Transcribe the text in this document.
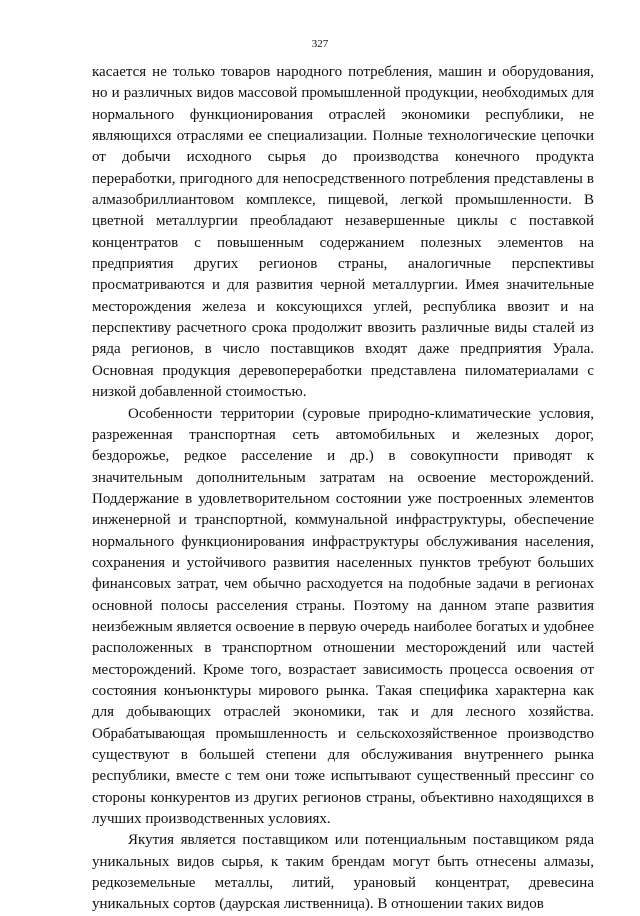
327

касается не только товаров народного потребления, машин и оборудования, но и различных видов массовой промышленной продукции, необходимых для нормального функционирования отраслей экономики республики, не являющихся отраслями ее специализации. Полные технологические цепочки от добычи исходного сырья до производства конечного продукта переработки, пригодного для непосредственного потребления представлены в алмазобриллиантовом комплексе, пищевой, легкой промышленности. В цветной металлургии преобладают незавершенные циклы с поставкой концентратов с повышенным содержанием полезных элементов на предприятия других регионов страны, аналогичные перспективы просматриваются и для развития черной металлургии. Имея значительные месторождения железа и коксующихся углей, республика ввозит и на перспективу расчетного срока продолжит ввозить различные виды сталей из ряда регионов, в число поставщиков входят даже предприятия Урала. Основная продукция деревопереработки представлена пиломатериалами с низкой добавленной стоимостью.

Особенности территории (суровые природно-климатические условия, разреженная транспортная сеть автомобильных и железных дорог, бездорожье, редкое расселение и др.) в совокупности приводят к значительным дополнительным затратам на освоение месторождений. Поддержание в удовлетворительном состоянии уже построенных элементов инженерной и транспортной, коммунальной инфраструктуры, обеспечение нормального функционирования инфраструктуры обслуживания населения, сохранения и устойчивого развития населенных пунктов требуют больших финансовых затрат, чем обычно расходуется на подобные задачи в регионах основной полосы расселения страны. Поэтому на данном этапе развития неизбежным является освоение в первую очередь наиболее богатых и удобнее расположенных в транспортном отношении месторождений или частей месторождений. Кроме того, возрастает зависимость процесса освоения от состояния конъюнктуры мирового рынка. Такая специфика характерна как для добывающих отраслей экономики, так и для лесного хозяйства. Обрабатывающая промышленность и сельскохозяйственное производство существуют в большей степени для обслуживания внутреннего рынка республики, вместе с тем они тоже испытывают существенный прессинг со стороны конкурентов из других регионов страны, объективно находящихся в лучших производственных условиях.

Якутия является поставщиком или потенциальным поставщиком ряда уникальных видов сырья, к таким брендам могут быть отнесены алмазы, редкоземельные металлы, литий, урановый концентрат, древесина уникальных сортов (даурская лиственница). В отношении таких видов
